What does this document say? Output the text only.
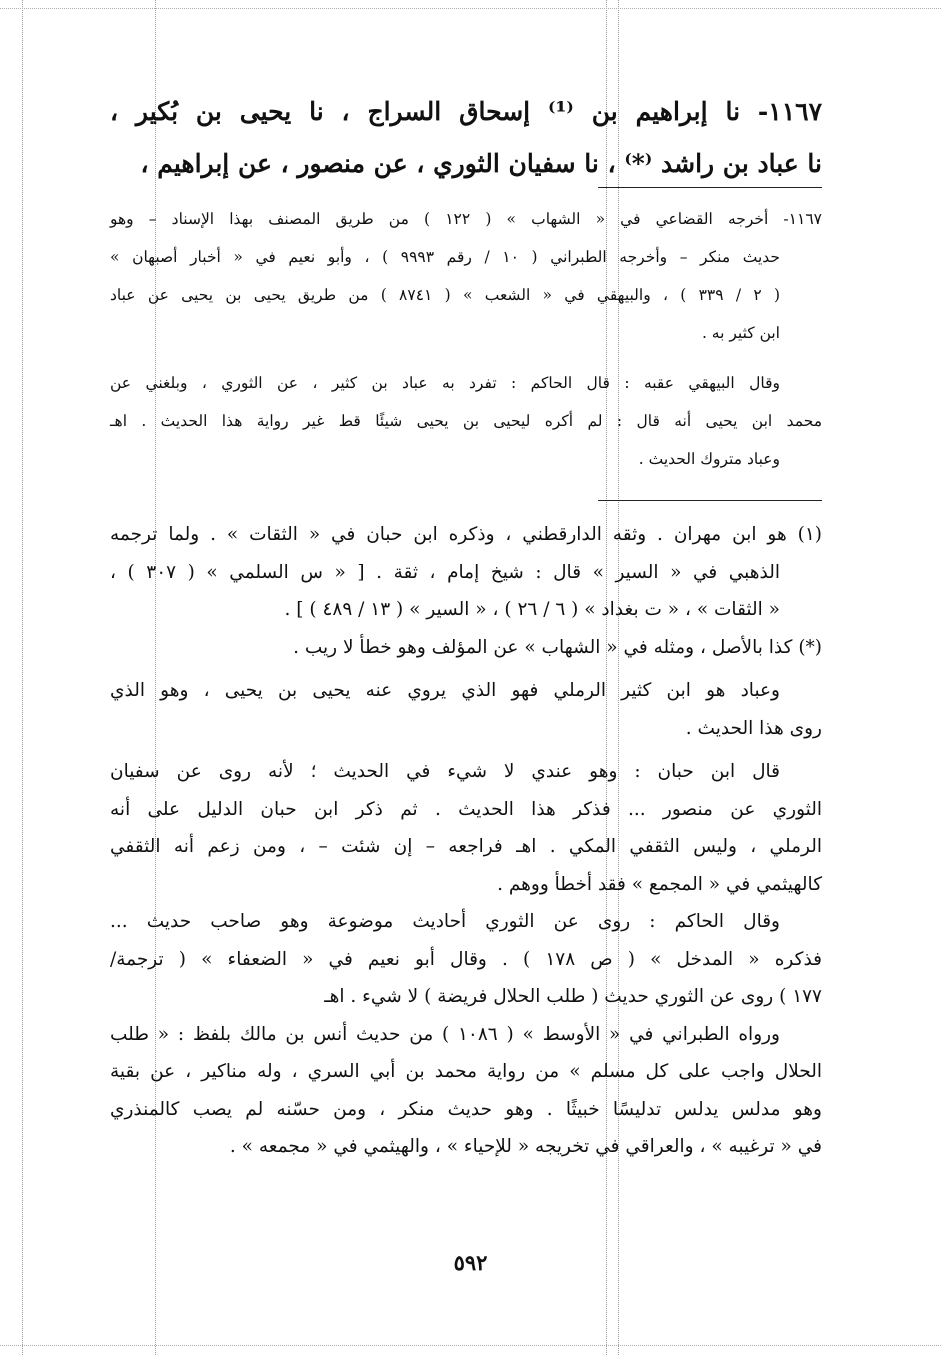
١١٦٧- نا إبراهيم بن ⁽¹⁾ إسحاق السراج ، نا يحيى بن بُكير ،
نا عباد بن راشد ⁽*⁾ ، نا سفيان الثوري ، عن منصور ، عن إبراهيم ،
١١٦٧- أخرجه القضاعي في « الشهاب » ( ١٢٢ ) من طريق المصنف بهذا الإسناد – وهو
حديث منكر – وأخرجه الطبراني ( ١٠ / رقم ٩٩٩٣ ) ، وأبو نعيم في « أخبار أصبهان »
( ٢ / ٣٣٩ ) ، والبيهقي في « الشعب » ( ٨٧٤١ ) من طريق يحيى بن يحيى عن عباد
ابن كثير به .
وقال البيهقي عقبه : قال الحاكم : تفرد به عباد بن كثير ، عن الثوري ، وبلغني عن
محمد ابن يحيى أنه قال : لم أكره ليحيى بن يحيى شيئًا قط غير رواية هذا الحديث . اهـ
وعباد متروك الحديث .
(١) هو ابن مهران . وثقه الدارقطني ، وذكره ابن حبان في « الثقات » . ولما ترجمه
الذهبي في « السير » قال : شيخ إمام ، ثقة . [ « س السلمي » ( ٣٠٧ ) ،
« الثقات » ، « ت بغداد » ( ٦ / ٢٦ ) ، « السير » ( ١٣ / ٤٨٩ ) ] .
(*) كذا بالأصل ، ومثله في « الشهاب » عن المؤلف وهو خطأ لا ريب .
وعباد هو ابن كثير الرملي فهو الذي يروي عنه يحيى بن يحيى ، وهو الذي
روى هذا الحديث .
قال ابن حبان : وهو عندي لا شيء في الحديث ؛ لأنه روى عن سفيان
الثوري عن منصور ... فذكر هذا الحديث . ثم ذكر ابن حبان الدليل على أنه
الرملي ، وليس الثقفي المكي . اهـ فراجعه – إن شئت – ، ومن زعم أنه الثقفي
كالهيثمي في « المجمع » فقد أخطأ ووهم .
وقال الحاكم : روى عن الثوري أحاديث موضوعة وهو صاحب حديث ...
فذكره « المدخل » ( ص ١٧٨ ) . وقال أبو نعيم في « الضعفاء » ( ترجمة/
١٧٧ ) روى عن الثوري حديث ( طلب الحلال فريضة ) لا شيء . اهـ
ورواه الطبراني في « الأوسط » ( ١٠٨٦ ) من حديث أنس بن مالك بلفظ : « طلب
الحلال واجب على كل مسلم » من رواية محمد بن أبي السري ، وله مناكير ، عن بقية
وهو مدلس يدلس تدليسًا خبيثًا . وهو حديث منكر ، ومن حسّنه لم يصب كالمنذري
في « ترغيبه » ، والعراقي في تخريجه « للإحياء » ، والهيثمي في « مجمعه » .
٥٩٢
